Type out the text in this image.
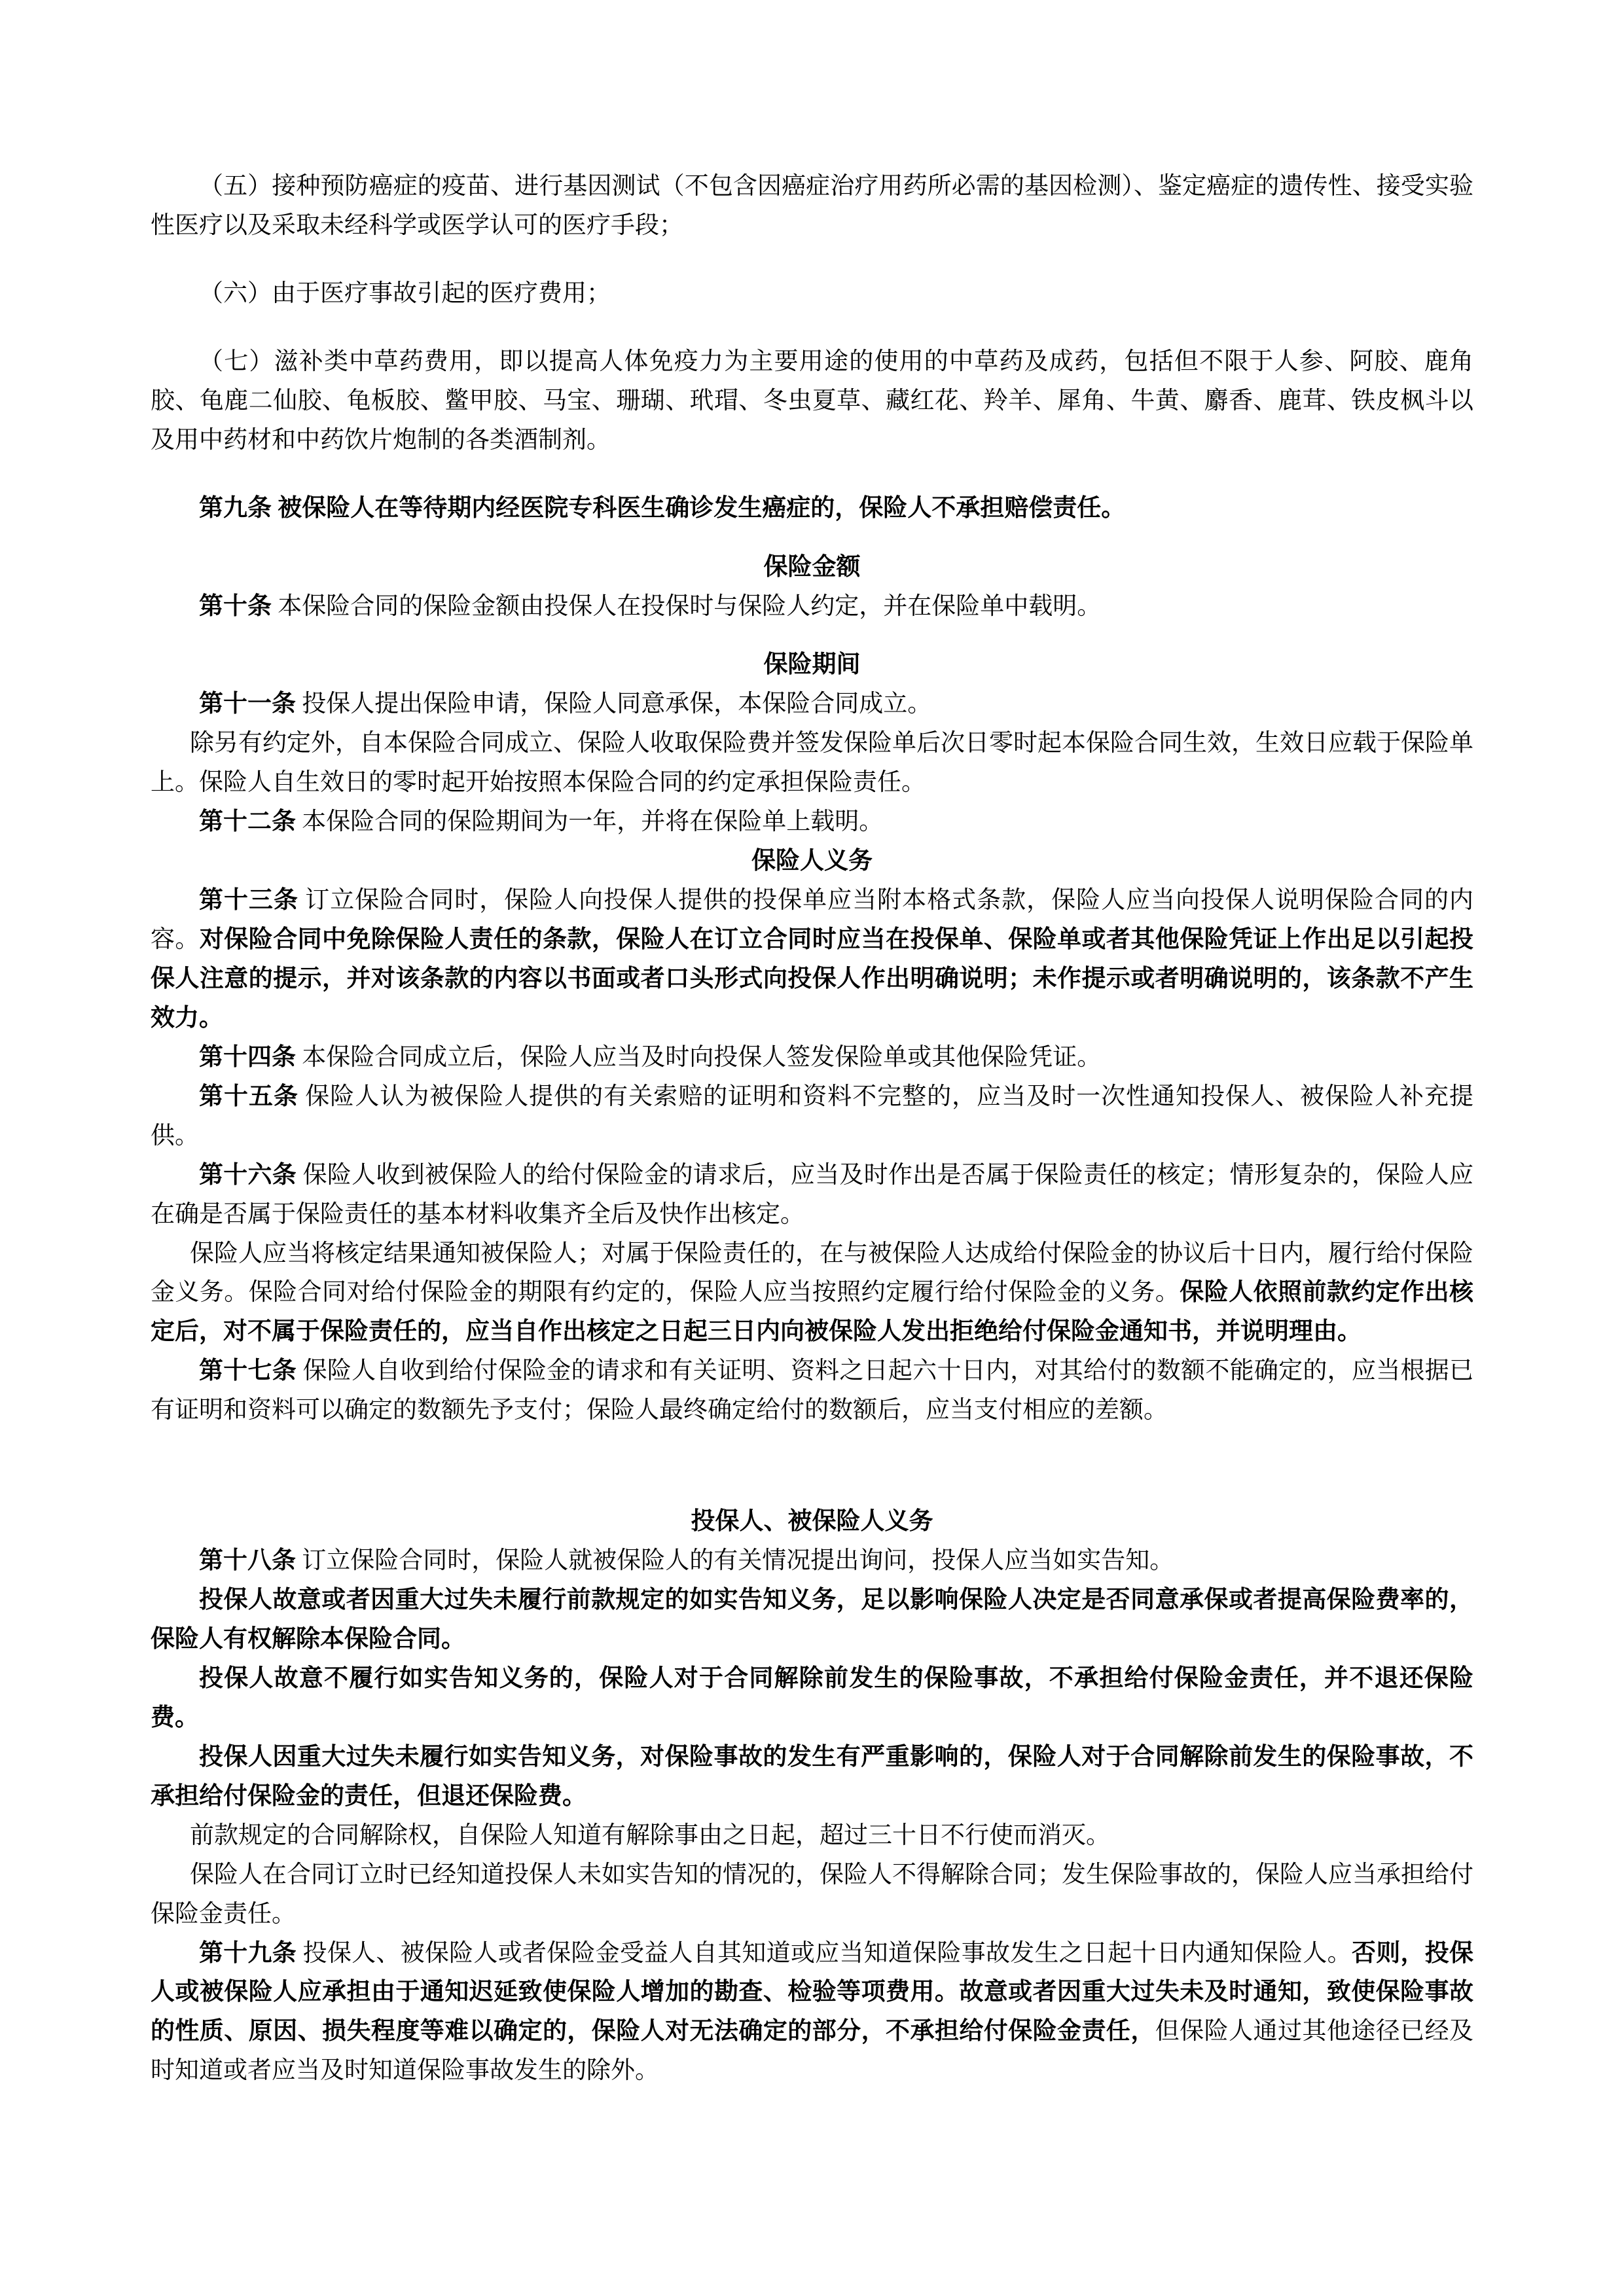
（五）接种预防癌症的疫苗、进行基因测试（不包含因癌症治疗用药所必需的基因检测）、鉴定癌症的遗传性、接受实验性医疗以及采取未经科学或医学认可的医疗手段；

（六）由于医疗事故引起的医疗费用；

（七）滋补类中草药费用，即以提高人体免疫力为主要用途的使用的中草药及成药，包括但不限于人参、阿胶、鹿角胶、龟鹿二仙胶、龟板胶、鳖甲胶、马宝、珊瑚、玳瑁、冬虫夏草、藏红花、羚羊、犀角、牛黄、麝香、鹿茸、铁皮枫斗以及用中药材和中药饮片炮制的各类酒制剂。

第九条 被保险人在等待期内经医院专科医生确诊发生癌症的，保险人不承担赔偿责任。

保险金额

第十条 本保险合同的保险金额由投保人在投保时与保险人约定，并在保险单中载明。

保险期间

第十一条 投保人提出保险申请，保险人同意承保，本保险合同成立。

除另有约定外，自本保险合同成立、保险人收取保险费并签发保险单后次日零时起本保险合同生效，生效日应载于保险单上。保险人自生效日的零时起开始按照本保险合同的约定承担保险责任。

第十二条 本保险合同的保险期间为一年，并将在保险单上载明。

保险人义务

第十三条 订立保险合同时，保险人向投保人提供的投保单应当附本格式条款，保险人应当向投保人说明保险合同的内容。对保险合同中免除保险人责任的条款，保险人在订立合同时应当在投保单、保险单或者其他保险凭证上作出足以引起投保人注意的提示，并对该条款的内容以书面或者口头形式向投保人作出明确说明；未作提示或者明确说明的，该条款不产生效力。

第十四条 本保险合同成立后，保险人应当及时向投保人签发保险单或其他保险凭证。

第十五条 保险人认为被保险人提供的有关索赔的证明和资料不完整的，应当及时一次性通知投保人、被保险人补充提供。

第十六条 保险人收到被保险人的给付保险金的请求后，应当及时作出是否属于保险责任的核定；情形复杂的，保险人应在确是否属于保险责任的基本材料收集齐全后及快作出核定。

保险人应当将核定结果通知被保险人；对属于保险责任的，在与被保险人达成给付保险金的协议后十日内，履行给付保险金义务。保险合同对给付保险金的期限有约定的，保险人应当按照约定履行给付保险金的义务。保险人依照前款约定作出核定后，对不属于保险责任的，应当自作出核定之日起三日内向被保险人发出拒绝给付保险金通知书，并说明理由。

第十七条 保险人自收到给付保险金的请求和有关证明、资料之日起六十日内，对其给付的数额不能确定的，应当根据已有证明和资料可以确定的数额先予支付；保险人最终确定给付的数额后，应当支付相应的差额。

投保人、被保险人义务

第十八条 订立保险合同时，保险人就被保险人的有关情况提出询问，投保人应当如实告知。

投保人故意或者因重大过失未履行前款规定的如实告知义务，足以影响保险人决定是否同意承保或者提高保险费率的，保险人有权解除本保险合同。

投保人故意不履行如实告知义务的，保险人对于合同解除前发生的保险事故，不承担给付保险金责任，并不退还保险费。

投保人因重大过失未履行如实告知义务，对保险事故的发生有严重影响的，保险人对于合同解除前发生的保险事故，不承担给付保险金的责任，但退还保险费。

前款规定的合同解除权，自保险人知道有解除事由之日起，超过三十日不行使而消灭。

保险人在合同订立时已经知道投保人未如实告知的情况的，保险人不得解除合同；发生保险事故的，保险人应当承担给付保险金责任。

第十九条 投保人、被保险人或者保险金受益人自其知道或应当知道保险事故发生之日起十日内通知保险人。否则，投保人或被保险人应承担由于通知迟延致使保险人增加的勘查、检验等项费用。故意或者因重大过失未及时通知，致使保险事故的性质、原因、损失程度等难以确定的，保险人对无法确定的部分，不承担给付保险金责任，但保险人通过其他途径已经及时知道或者应当及时知道保险事故发生的除外。
